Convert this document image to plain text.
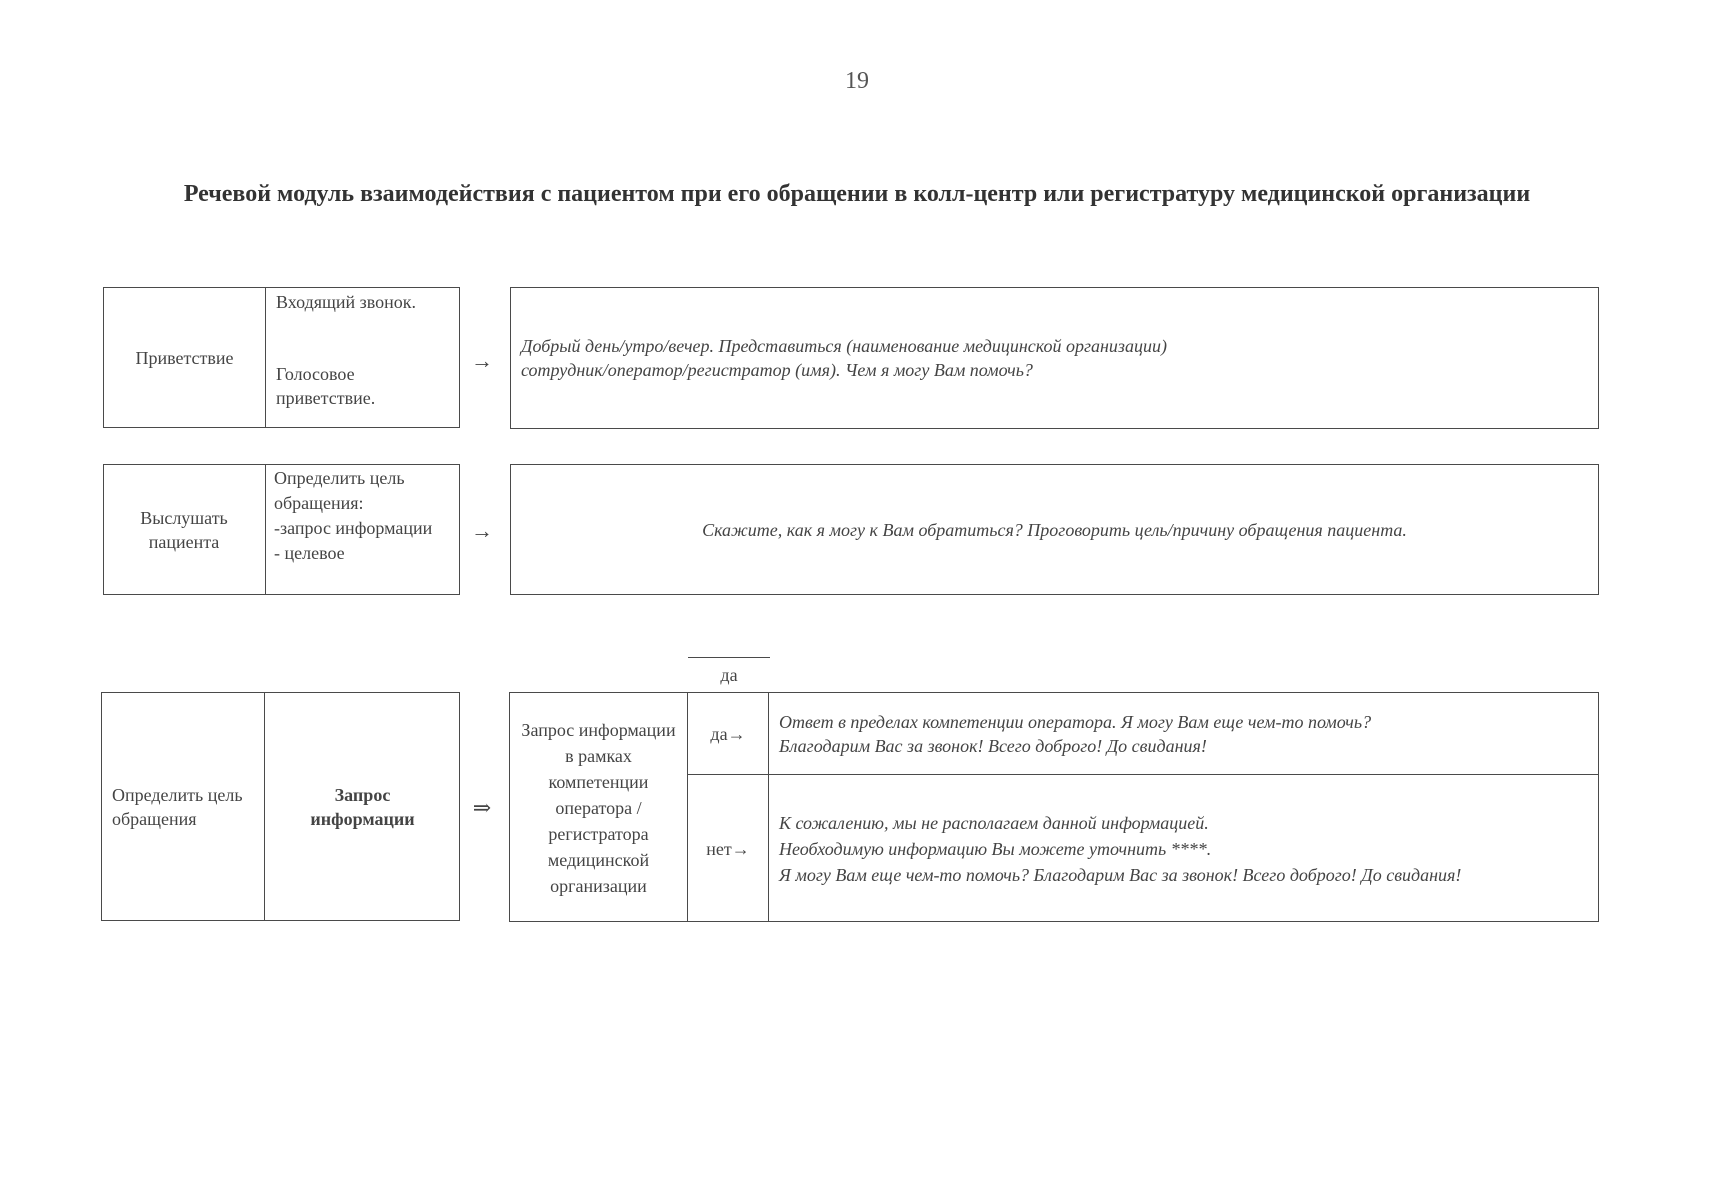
19
Речевой модуль взаимодействия с пациентом при его обращении в колл-центр или регистратуру медицинской организации
Приветствие
Входящий звонок.
Голосовое приветствие.
→
Добрый день/утро/вечер. Представиться (наименование медицинской организации)
сотрудник/оператор/регистратор (имя). Чем я могу Вам помочь?
Выслушать пациента
Определить цель обращения:
-запрос информации
- целевое
→	Скажите, как я могу к Вам обратиться? Проговорить цель/причину обращения пациента.
да
Определить цель обращения
Запрос информации	⇒
Запрос информации в рамках компетенции оператора / регистратора медицинской организации
да→
Ответ в пределах компетенции оператора. Я могу Вам еще чем-то помочь?
Благодарим Вас за звонок! Всего доброго! До свидания!
нет→
К сожалению, мы не располагаем данной информацией.
Необходимую информацию Вы можете уточнить ****.
Я могу Вам еще чем-то помочь? Благодарим Вас за звонок! Всего доброго! До свидания!
